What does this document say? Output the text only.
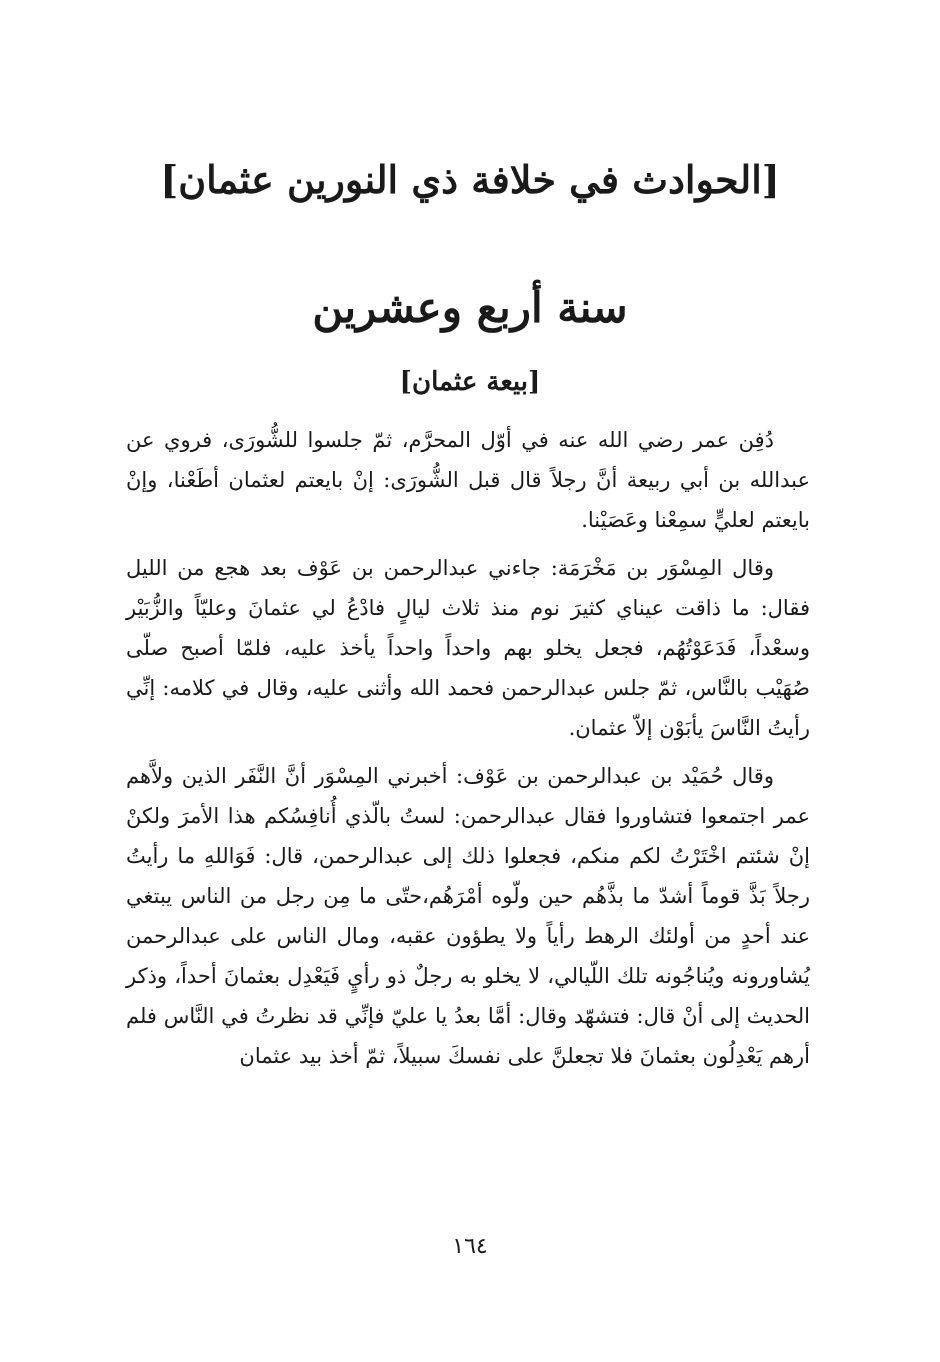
[الحوادث في خلافة ذي النورين عثمان]
سنة أربع وعشرين
[بيعة عثمان]

دُفِن عمر رضي الله عنه في أوّل المحرَّم، ثمّ جلسوا للشُّورَى، فروي عن عبدالله بن أبي ربيعة أنَّ رجلاً قال قبل الشُّورَى: إنْ بايعتم لعثمان أطَعْنا، وإنْ بايعتم لعليٍّ سمِعْنا وعَصَيْنا.

وقال المِسْوَر بن مَخْرَمَة: جاءني عبدالرحمن بن عَوْف بعد هجع من الليل فقال: ما ذاقت عيناي كثيرَ نوم منذ ثلاث ليالٍ فادْعُ لي عثمانَ وعليّاً والزُّبَيْر وسعْداً، فَدَعَوْتُهُم، فجعل يخلو بهم واحداً واحداً يأخذ عليه، فلمّا أصبح صلّى صُهَيْب بالنَّاس، ثمّ جلس عبدالرحمن فحمد الله وأثنى عليه، وقال في كلامه: إنِّي رأيتُ النَّاسَ يأبَوْن إلاّ عثمان.

وقال حُمَيْد بن عبدالرحمن بن عَوْف: أخبرني المِسْوَر أنَّ النَّفَر الذين ولاَّهم عمر اجتمعوا فتشاوروا فقال عبدالرحمن: لستُ بالّذي أُنافِسُكم هذا الأمرَ ولكنْ إنْ شئتم اخْتَرْتُ لكم منكم، فجعلوا ذلك إلى عبدالرحمن، قال: فَوَاللهِ ما رأيتُ رجلاً بَذَّ قوماً أشدّ ما بذَّهُم حين ولّوه أمْرَهُم،حتّى ما مِن رجل من الناس يبتغي عند أحدٍ من أولئك الرهط رأياً ولا يطؤون عقبه، ومال الناس على عبدالرحمن يُشاورونه ويُناجُونه تلك اللّيالي، لا يخلو به رجلٌ ذو رأيٍ فَيَعْدِل بعثمانَ أحداً، وذكر الحديث إلى أنْ قال: فتشهّد وقال: أمَّا بعدُ يا عليّ فإنِّي قد نظرتُ في النَّاس فلم أرهم يَعْدِلُون بعثمانَ فلا تجعلنَّ على نفسكَ سبيلاً، ثمّ أخذ بيد عثمان

١٦٤
